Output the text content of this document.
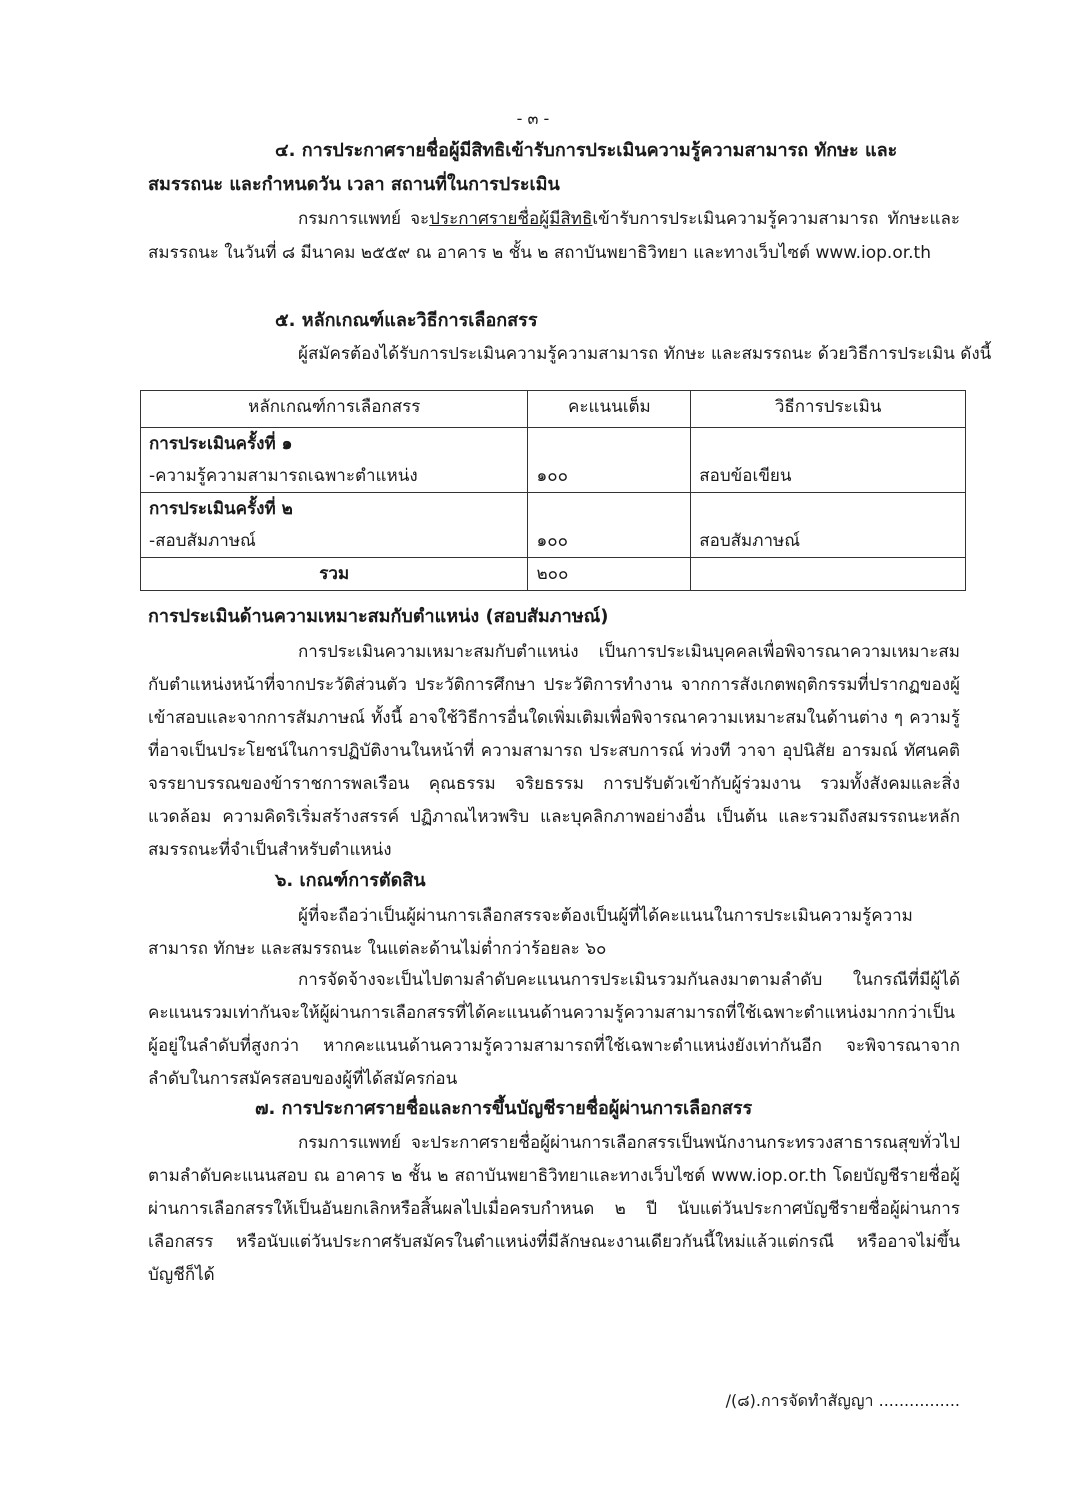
- ๓ -
๔. การประกาศรายชื่อผู้มีสิทธิเข้ารับการประเมินความรู้ความสามารถ ทักษะ และ
สมรรถนะ และกำหนดวัน เวลา สถานที่ในการประเมิน
กรมการแพทย์ จะประกาศรายชื่อผู้มีสิทธิเข้ารับการประเมินความรู้ความสามารถ ทักษะและสมรรถนะ ในวันที่ ๘ มีนาคม ๒๕๕๙ ณ อาคาร ๒ ชั้น ๒ สถาบันพยาธิวิทยา และทางเว็บไซต์ www.iop.or.th
๕. หลักเกณฑ์และวิธีการเลือกสรร
ผู้สมัครต้องได้รับการประเมินความรู้ความสามารถ ทักษะ และสมรรถนะ ด้วยวิธีการประเมิน ดังนี้
หลักเกณฑ์การเลือกสรร	คะแนนเต็ม	วิธีการประเมิน

การประเมินครั้งที่ ๑
-ความรู้ความสามารถเฉพาะตำแหน่ง	๑๐๐	สอบข้อเขียน

การประเมินครั้งที่ ๒
-สอบสัมภาษณ์	๑๐๐	สอบสัมภาษณ์
รวม	๒๐๐	
การประเมินด้านความเหมาะสมกับตำแหน่ง (สอบสัมภาษณ์)
การประเมินความเหมาะสมกับตำแหน่ง เป็นการประเมินบุคคลเพื่อพิจารณาความเหมาะสมกับตำแหน่งหน้าที่จากประวัติส่วนตัว ประวัติการศึกษา ประวัติการทำงาน จากการสังเกตพฤติกรรมที่ปรากฏของผู้เข้าสอบและจากการสัมภาษณ์ ทั้งนี้ อาจใช้วิธีการอื่นใดเพิ่มเติมเพื่อพิจารณาความเหมาะสมในด้านต่าง ๆ ความรู้ที่อาจเป็นประโยชน์ในการปฏิบัติงานในหน้าที่ ความสามารถ ประสบการณ์ ท่วงที วาจา อุปนิสัย อารมณ์ ทัศนคติ จรรยาบรรณของข้าราชการพลเรือน คุณธรรม จริยธรรม การปรับตัวเข้ากับผู้ร่วมงาน รวมทั้งสังคมและสิ่งแวดล้อม ความคิดริเริ่มสร้างสรรค์ ปฏิภาณไหวพริบ และบุคลิกภาพอย่างอื่น เป็นต้น และรวมถึงสมรรถนะหลัก สมรรถนะที่จำเป็นสำหรับตำแหน่ง
๖. เกณฑ์การตัดสิน
ผู้ที่จะถือว่าเป็นผู้ผ่านการเลือกสรรจะต้องเป็นผู้ที่ได้คะแนนในการประเมินความรู้ความสามารถ ทักษะ และสมรรถนะ ในแต่ละด้านไม่ต่ำกว่าร้อยละ ๖๐
การจัดจ้างจะเป็นไปตามลำดับคะแนนการประเมินรวมกันลงมาตามลำดับ ในกรณีที่มีผู้ได้คะแนนรวมเท่ากันจะให้ผู้ผ่านการเลือกสรรที่ได้คะแนนด้านความรู้ความสามารถที่ใช้เฉพาะตำแหน่งมากกว่าเป็นผู้อยู่ในลำดับที่สูงกว่า หากคะแนนด้านความรู้ความสามารถที่ใช้เฉพาะตำแหน่งยังเท่ากันอีก จะพิจารณาจากลำดับในการสมัครสอบของผู้ที่ได้สมัครก่อน
๗. การประกาศรายชื่อและการขึ้นบัญชีรายชื่อผู้ผ่านการเลือกสรร
กรมการแพทย์ จะประกาศรายชื่อผู้ผ่านการเลือกสรรเป็นพนักงานกระทรวงสาธารณสุขทั่วไปตามลำดับคะแนนสอบ ณ อาคาร ๒ ชั้น ๒ สถาบันพยาธิวิทยาและทางเว็บไซต์ www.iop.or.th โดยบัญชีรายชื่อผู้ผ่านการเลือกสรรให้เป็นอันยกเลิกหรือสิ้นผลไปเมื่อครบกำหนด ๒ ปี นับแต่วันประกาศบัญชีรายชื่อผู้ผ่านการเลือกสรร หรือนับแต่วันประกาศรับสมัครในตำแหน่งที่มีลักษณะงานเดียวกันนี้ใหม่แล้วแต่กรณี หรืออาจไม่ขึ้นบัญชีก็ได้
/(๘).การจัดทำสัญญา ................
